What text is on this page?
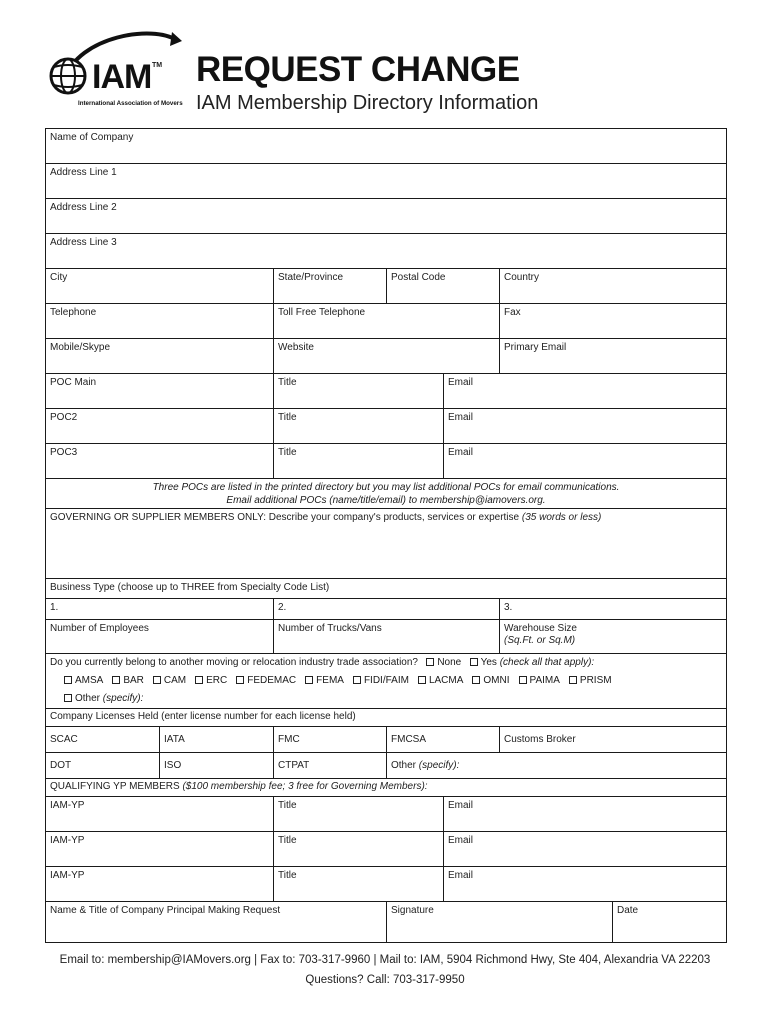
IAM TM
International Association of Movers
REQUEST CHANGE
IAM Membership Directory Information
Name of Company
Address Line 1
Address Line 2
Address Line 3
City	State/Province	Postal Code	Country
Telephone	Toll Free Telephone	Fax
Mobile/Skype	Website	Primary Email
POC Main	Title	Email
POC2	Title	Email
POC3	Title	Email
Three POCs are listed in the printed directory but you may list additional POCs for email communications.
Email additional POCs (name/title/email) to membership@iamovers.org.
GOVERNING OR SUPPLIER MEMBERS ONLY: Describe your company's products, services or expertise (35 words or less)
Business Type (choose up to THREE from Specialty Code List)
1.	2.	3.
Number of Employees	Number of Trucks/Vans	Warehouse Size
(Sq.Ft. or Sq.M)
Do you currently belong to another moving or relocation industry trade association? None Yes (check all that apply):
AMSA BAR CAM ERC FEDEMAC FEMA FIDI/FAIM LACMA OMNI PAIMA PRISM
Other (specify):
Company Licenses Held (enter license number for each license held)
SCAC	IATA	FMC	FMCSA	Customs Broker
DOT	ISO	CTPAT	Other (specify):
QUALIFYING YP MEMBERS ($100 membership fee; 3 free for Governing Members):
IAM-YP	Title	Email
IAM-YP	Title	Email
IAM-YP	Title	Email
Name & Title of Company Principal Making Request	Signature	Date
Email to: membership@IAMovers.org | Fax to: 703-317-9960 | Mail to: IAM, 5904 Richmond Hwy, Ste 404, Alexandria VA 22203
Questions? Call: 703-317-9950
